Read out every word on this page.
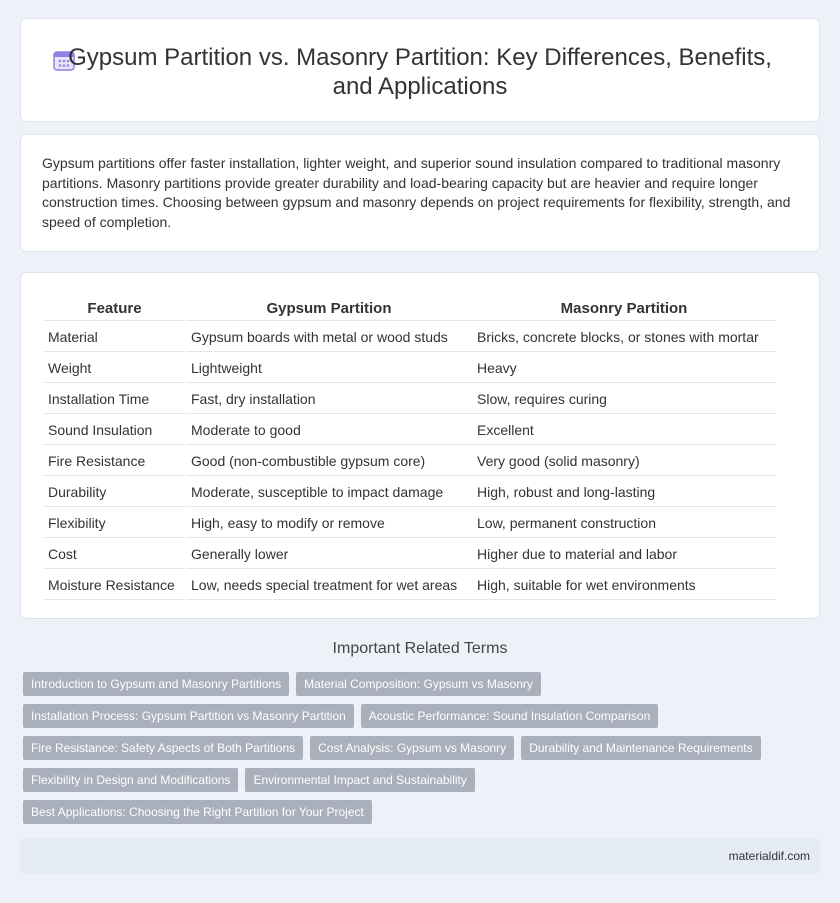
Gypsum Partition vs. Masonry Partition: Key Differences, Benefits, and Applications

Gypsum partitions offer faster installation, lighter weight, and superior sound insulation compared to traditional masonry partitions. Masonry partitions provide greater durability and load-bearing capacity but are heavier and require longer construction times. Choosing between gypsum and masonry depends on project requirements for flexibility, strength, and speed of completion.

Feature	Gypsum Partition	Masonry Partition
Material	Gypsum boards with metal or wood studs	Bricks, concrete blocks, or stones with mortar
Weight	Lightweight	Heavy
Installation Time	Fast, dry installation	Slow, requires curing
Sound Insulation	Moderate to good	Excellent
Fire Resistance	Good (non-combustible gypsum core)	Very good (solid masonry)
Durability	Moderate, susceptible to impact damage	High, robust and long-lasting
Flexibility	High, easy to modify or remove	Low, permanent construction
Cost	Generally lower	Higher due to material and labor
Moisture Resistance	Low, needs special treatment for wet areas	High, suitable for wet environments
Important Related Terms
Introduction to Gypsum and Masonry Partitions	Material Composition: Gypsum vs Masonry
Installation Process: Gypsum Partition vs Masonry Partition	Acoustic Performance: Sound Insulation Comparison
Fire Resistance: Safety Aspects of Both Partitions	Cost Analysis: Gypsum vs Masonry	Durability and Maintenance Requirements
Flexibility in Design and Modifications	Environmental Impact and Sustainability
Best Applications: Choosing the Right Partition for Your Project
materialdif.com
